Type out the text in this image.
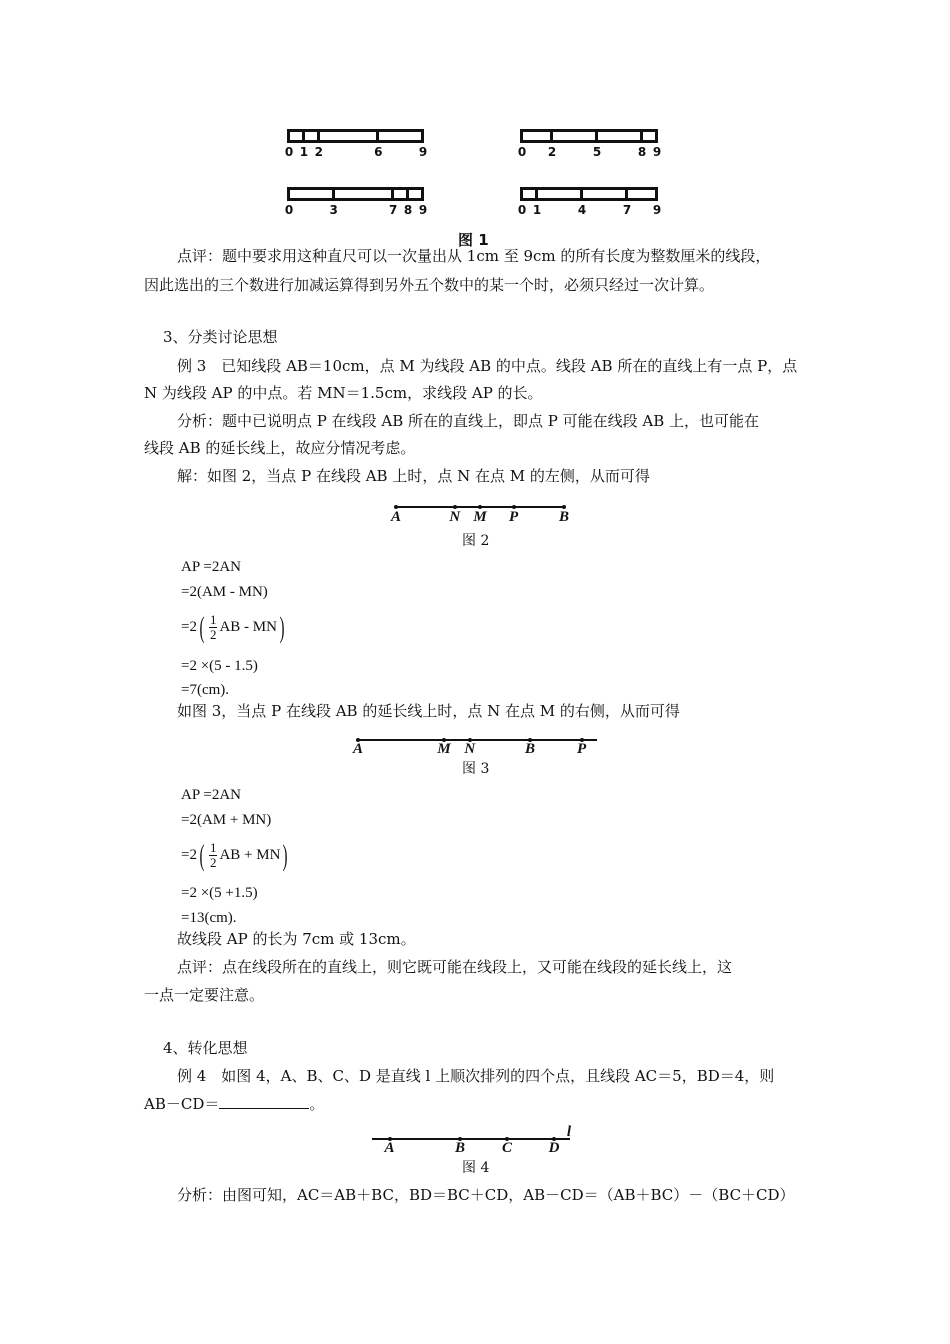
0 1 2	6	9	0 2	5	8 9
0	3	7 8 9	0 1	4	7 9
图 1
点评：题中要求用这种直尺可以一次量出从 1cm 至 9cm 的所有长度为整数厘米的线段，
因此选出的三个数进行加减运算得到另外五个数中的某一个时，必须只经过一次计算。
3、分类讨论思想
例 3　已知线段 AB＝10cm，点 M 为线段 AB 的中点。线段 AB 所在的直线上有一点 P，点
N 为线段 AP 的中点。若 MN＝1.5cm，求线段 AP 的长。
分析：题中已说明点 P 在线段 AB 所在的直线上，即点 P 可能在线段 AB 上，也可能在
线段 AB 的延长线上，故应分情况考虑。
解：如图 2，当点 P 在线段 AB 上时，点 N 在点 M 的左侧，从而可得
A	N M P	B
图 2
AP =2AN
=2(AM - MN)
$=2( \frac{1}{2}$ AB - MN)
=2 ×(5 - 1.5)
=7(cm).
如图 3，当点 P 在线段 AB 的延长线上时，点 N 在点 M 的右侧，从而可得
A	M N	B	P
图 3
AP =2AN
=2(AM + MN)
$=2( \frac{1}{2}$ AB + MN)
=2 ×(5 +1.5)
=13(cm).
故线段 AP 的长为 7cm 或 13cm。
点评：点在线段所在的直线上，则它既可能在线段上，又可能在线段的延长线上，这
一点一定要注意。
4、转化思想
例 4　如图 4，A、B、C、D 是直线 l 上顺次排列的四个点，且线段 AC＝5，BD＝4，则
AB－CD＝	。
l
A	B C D
图 4
分析：由图可知，AC＝AB＋BC，BD＝BC＋CD，AB－CD＝（AB＋BC）－（BC＋CD）
